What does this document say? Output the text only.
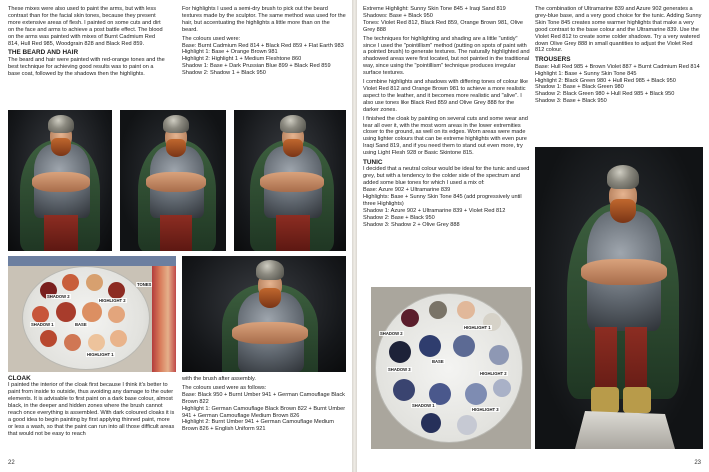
These mixes were also used to paint the arms, but with less contrast than for the facial skin tones, because they present more extensive areas of flesh. I painted on some cuts and dirt on the face and arms to achieve a post battle effect. The blood on the arms was painted with mixes of Burnt Cadmium Red 814, Hull Red 985, Woodgrain 828 and Black Red 859.

THE BEARD AND HAIR

The beard and hair were painted with red-orange tones and the best technique for achieving good results was to paint on a base coat, followed by the shadows then the highlights.

For highlights I used a semi-dry brush to pick out the beard textures made by the sculptor. The same method was used for the hair, but accentuating the highlights a little more than on the beard.

The colours used were:

Base: Burnt Cadmium Red 814 + Black Red 859 + Flat Earth 983
Highlight 1: Base + Orange Brown 981
Highlight 2: Highlight 1 + Medium Fleshtone 860
Shadow 1: Base + Dark Prussian Blue 899 + Black Red 859
Shadow 2: Shadow 1 + Black 950
TONES
SHADOW 2
SHADOW 1	BASE
HIGHLIGHT 1
HIGHLIGHT 2
CLOAK

I painted the interior of the cloak first because I think it's better to paint from inside to outside, thus avoiding any damage to the outer elements. It is advisable to first paint on a dark base colour, almost black, in the deeper and hidden zones where the brush cannot reach once everything is assembled. With dark coloured cloaks it is a good idea to begin painting by first applying thinned paint, more or less a wash, so that the paint can run into all those difficult areas that would not be easy to reach

with the brush after assembly.

The colours used were as follows:

Base: Black 950 + Burnt Umber 941 + German Camouflage Black Brown 822
Highlight 1: German Camouflage Black Brown 822 + Burnt Umber 941 + German Camouflage Medium Brown 826
Highlight 2: Burnt Umber 941 + German Camouflage Medium Brown 826 + English Uniform 921
22
Extreme Highlight: Sunny Skin Tone 845 + Iraqi Sand 819
Shadows: Base + Black 950

Tones: Violet Red 812, Black Red 859, Orange Brown 981, Olive Grey 888

The techniques for highlighting and shading are a little "untidy" since I used the "pointillism" method (putting on spots of paint with a pointed brush) to generate textures. The naturally highlighted and shadowed areas were first located, but not painted in the traditional way, since using the "pointillism" technique produces irregular surface textures.

I combine highlights and shadows with differing tones of colour like Violet Red 812 and Orange Brown 981 to achieve a more realistic aspect to the leather, and it becomes more realistic and "alive". I also use tones like Black Red 859 and Olive Grey 888 for the darker zones.

I finished the cloak by painting on several cuts and some wear and tear all over it, with the most worn areas in the lower extremities closer to the ground, as well on its edges. Worn areas were made using lighter colours that can be extreme highlights with even pure Iraqi Sand 819, and if you need them to stand out even more, try using Light Flesh 928 or Basic Skintone 815.

TUNIC

I decided that a neutral colour would be ideal for the tunic and used grey, but with a tendency to the colder side of the spectrum and added some blue tones for which I used a mix of:

Base: Azure 902 + Ultramarine 839
Highlights: Base + Sunny Skin Tone 845 (add progressively until three Highlights)
Shadow 1: Azure 902 + Ultramarine 839 + Violet Red 812
Shadow 2: Base + Black 950
Shadow 3: Shadow 2 + Olive Grey 888
SHADOW 3
SHADOW 2
SHADOW 1
BASE
HIGHLIGHT 1
HIGHLIGHT 2
HIGHLIGHT 3

The combination of Ultramarine 839 and Azure 902 generates a grey-blue base, and a very good choice for the tunic. Adding Sunny Skin Tone 845 creates some warmer highlights that make a very good contrast to the base colour and the Ultramarine 839. Use the Violet Red 812 to create some colder shadows. Try a very watered down Olive Grey 888 in small quantities to adjust the Violet Red 812 colour.

TROUSERS
Base: Hull Red 985 + Brown Violet 887 + Burnt Cadmium Red 814
Highlight 1: Base + Sunny Skin Tone 845
Highlight 2: Black Green 980 + Hull Red 985 + Black 950
Shadow 1: Base + Black Green 980
Shadow 2: Black Green 980 + Hull Red 985 + Black 950
Shadow 3: Base + Black 950
23
